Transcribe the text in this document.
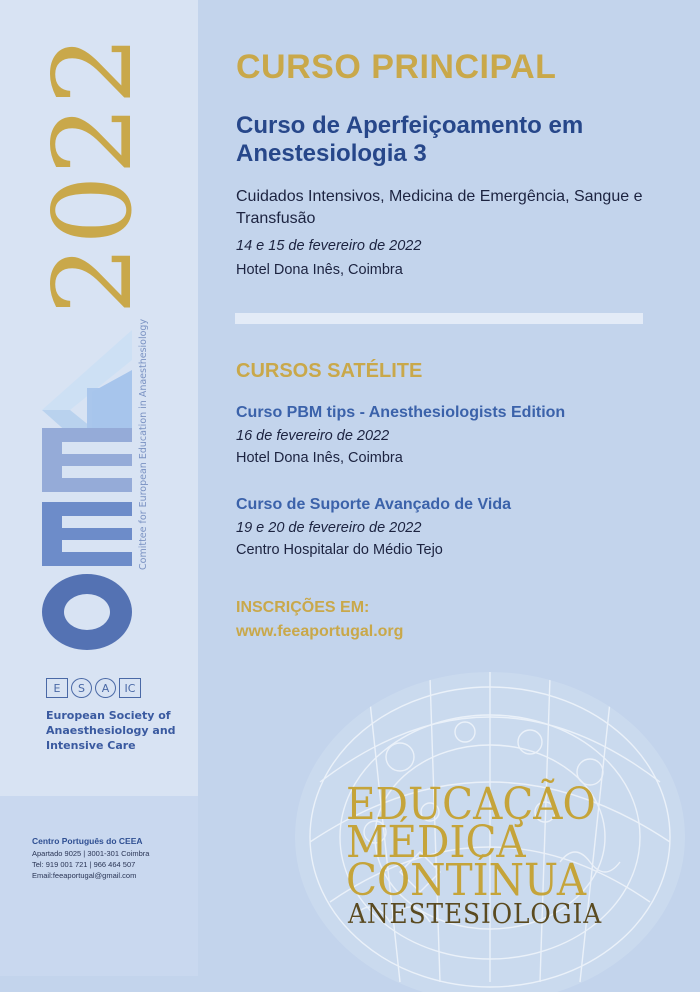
2022
Comittee for European Education in Anaesthesiology
E	S	A	IC
European Society of Anaesthesiology and Intensive Care
Centro Português do CEEA
Apartado 9025 | 3001-301 Coimbra
Tel: 919 001 721 | 966 464 507
Email:feeaportugal@gmail.com
CURSO PRINCIPAL
Curso de Aperfeiçoamento em Anestesiologia 3
Cuidados Intensivos, Medicina de Emergência, Sangue e Transfusão
14 e 15 de fevereiro de 2022
Hotel Dona Inês, Coimbra
CURSOS SATÉLITE
Curso PBM tips - Anesthesiologists Edition
16 de fevereiro de 2022
Hotel Dona Inês, Coimbra
Curso de Suporte Avançado de Vida
19 e 20 de fevereiro de 2022
Centro Hospitalar do Médio Tejo
INSCRIÇÕES EM:
www.feeaportugal.org
EDUCAÇÃO
MÉDICA
CONTÍNUA
ANESTESIOLOGIA
